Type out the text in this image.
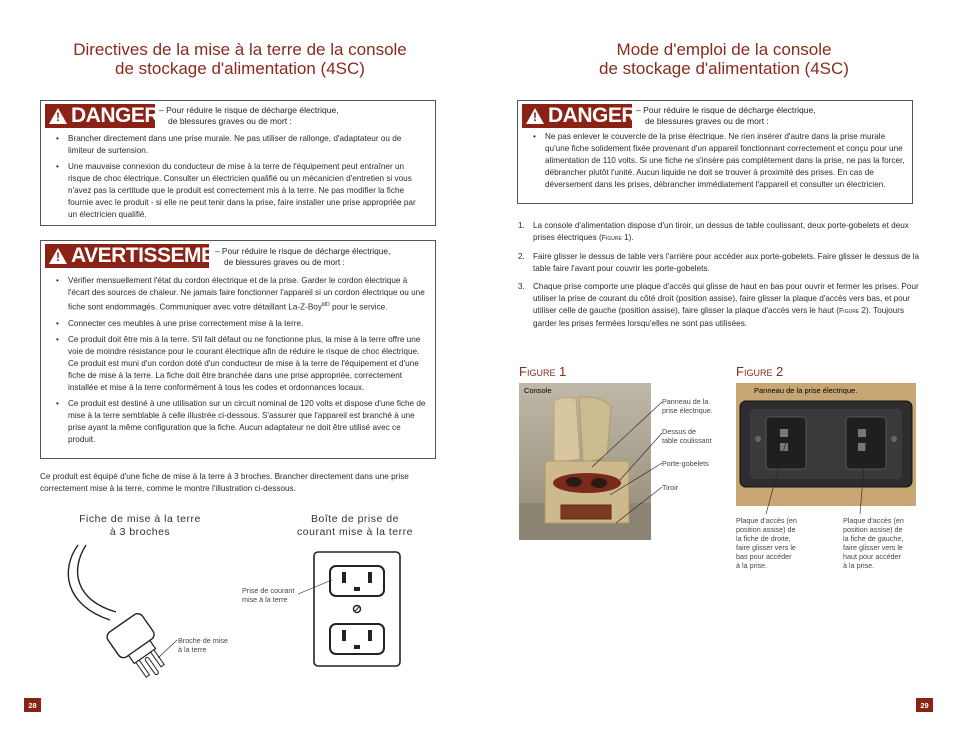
Directives de la mise à la terre de la console
de stockage d'alimentation (4SC)
! DANGER – Pour réduire le risque de décharge électrique,
de blessures graves ou de mort :
• Brancher directement dans une prise murale. Ne pas utiliser de rallonge, d'adaptateur ou de limiteur de surtension.
• Une mauvaise connexion du conducteur de mise à la terre de l'équipement peut entraîner un risque de choc électrique. Consulter un électricien qualifié ou un mécanicien d'entretien si vous n'avez pas la certitude que le produit est correctement mis à la terre. Ne pas modifier la fiche fournie avec le produit - si elle ne peut tenir dans la prise, faire installer une prise appropriée par un électricien qualifié.
! AVERTISSEMENT
– Pour réduire le risque de décharge électrique,
de blessures graves ou de mort :
• Vérifier mensuellement l'état du cordon électrique et de la prise. Garder le cordon électrique à l'écart des sources de chaleur. Ne jamais faire fonctionner l'appareil si un cordon électrique ou une fiche sont endommagés. Communiquer avec votre détaillant La-Z-Boy$^{MD}$ pour le service.
• Connecter ces meubles à une prise correctement mise à la terre.
• Ce produit doit être mis à la terre. S'il fait défaut ou ne fonctionne plus, la mise à la terre offre une voie de moindre résistance pour le courant électrique afin de réduire le risque de choc électrique. Ce produit est muni d'un cordon doté d'un conducteur de mise à la terre de l'équipement et d'une fiche de mise à la terre. La fiche doit être branchée dans une prise appropriée, correctement installée et mise à la terre conformément à tous les codes et ordonnances locaux.
• Ce produit est destiné à une utilisation sur un circuit nominal de 120 volts et dispose d'une fiche de mise à la terre semblable à celle illustrée ci-dessous. S'assurer que l'appareil est branché à une prise ayant la même configuration que la fiche. Aucun adaptateur ne doit être utilisé avec ce produit.
Ce produit est équipé d'une fiche de mise à la terre à 3 broches. Brancher directement dans une prise correctement mise à la terre, comme le montre l'illustration ci-dessous.
Fiche de mise à la terre
à 3 broches
Boîte de prise de
courant mise à la terre
Broche de mise
à la terre
Prise de courant
mise à la terre
28
Mode d'emploi de la console
de stockage d'alimentation (4SC)
! DANGER – Pour réduire le risque de décharge électrique,
de blessures graves ou de mort :
• Ne pas enlever le couvercle de la prise électrique. Ne rien insérer d'autre dans la prise murale qu'une fiche solidement fixée provenant d'un appareil fonctionnant correctement et conçu pour une alimentation de 110 volts. Si une fiche ne s'insère pas complètement dans la prise, ne pas la forcer, débrancher plutôt l'unité. Aucun liquide ne doit se trouver à proximité des prises. En cas de déversement dans les prises, débrancher immédiatement l'appareil et consulter un électricien.
1. La console d'alimentation dispose d'un tiroir, un dessus de table coulissant, deux porte-gobelets et deux prises électriques (Figure 1).
2. Faire glisser le dessus de table vers l'arrière pour accéder aux porte-gobelets. Faire glisser le dessus de la table faire l'avant pour couvrir les porte-gobelets.
3. Chaque prise comporte une plaque d'accès qui glisse de haut en bas pour ouvrir et fermer les prises. Pour utiliser la prise de courant du côté droit (position assise), faire glisser la plaque d'accès vers bas, et pour utiliser celle de gauche (position assise), faire glisser la plaque d'accès vers le haut (Figure 2). Toujours garder les prises fermées lorsqu'elles ne sont pas utilisées.
Figure 1
Console
Panneau de la
prise électrique.
Dessus de
table coulissant
Porte-gobelets
Tiroir
Figure 2
Panneau de la prise électrique.
Plaque d'accès (en
position assise) de
la fiche de droite,
faire glisser vers le
bas pour accéder
à la prise.
Plaque d'accès (en
position assise) de
la fiche de gauche,
faire glisser vers le
haut pour accéder
à la prise.
29
